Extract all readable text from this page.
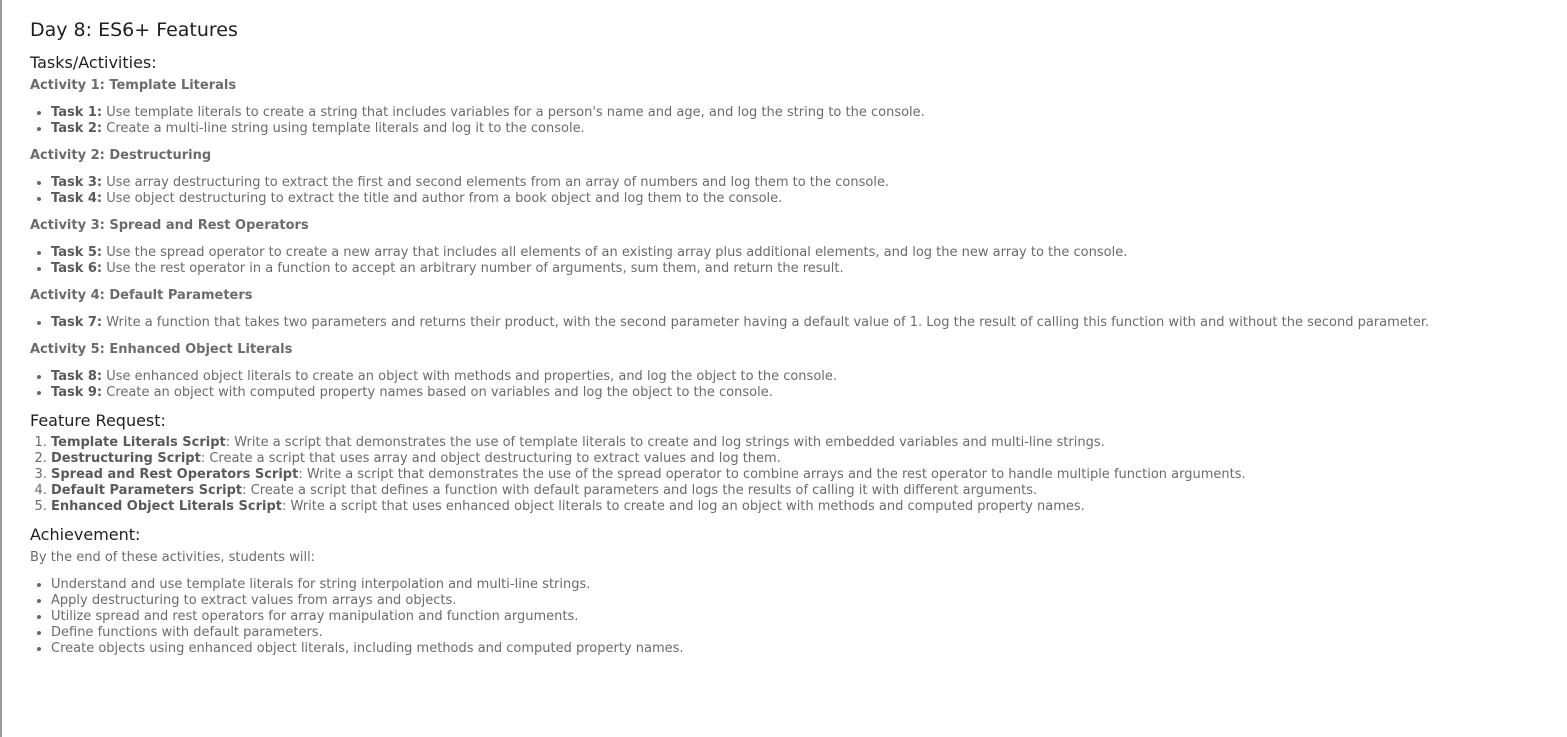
Day 8: ES6+ Features
Tasks/Activities:
Activity 1: Template Literals
• Task 1: Use template literals to create a string that includes variables for a person's name and age, and log the string to the console.
• Task 2: Create a multi-line string using template literals and log it to the console.
Activity 2: Destructuring
• Task 3: Use array destructuring to extract the first and second elements from an array of numbers and log them to the console.
• Task 4: Use object destructuring to extract the title and author from a book object and log them to the console.
Activity 3: Spread and Rest Operators
• Task 5: Use the spread operator to create a new array that includes all elements of an existing array plus additional elements, and log the new array to the console.
• Task 6: Use the rest operator in a function to accept an arbitrary number of arguments, sum them, and return the result.
Activity 4: Default Parameters
• Task 7: Write a function that takes two parameters and returns their product, with the second parameter having a default value of 1. Log the result of calling this function with and without the second parameter.
Activity 5: Enhanced Object Literals
• Task 8: Use enhanced object literals to create an object with methods and properties, and log the object to the console.
• Task 9: Create an object with computed property names based on variables and log the object to the console.
Feature Request:
1. Template Literals Script: Write a script that demonstrates the use of template literals to create and log strings with embedded variables and multi-line strings.
2. Destructuring Script: Create a script that uses array and object destructuring to extract values and log them.
3. Spread and Rest Operators Script: Write a script that demonstrates the use of the spread operator to combine arrays and the rest operator to handle multiple function arguments.
4. Default Parameters Script: Create a script that defines a function with default parameters and logs the results of calling it with different arguments.
5. Enhanced Object Literals Script: Write a script that uses enhanced object literals to create and log an object with methods and computed property names.
Achievement:

By the end of these activities, students will:

• Understand and use template literals for string interpolation and multi-line strings.
• Apply destructuring to extract values from arrays and objects.
• Utilize spread and rest operators for array manipulation and function arguments.
• Define functions with default parameters.
• Create objects using enhanced object literals, including methods and computed property names.
